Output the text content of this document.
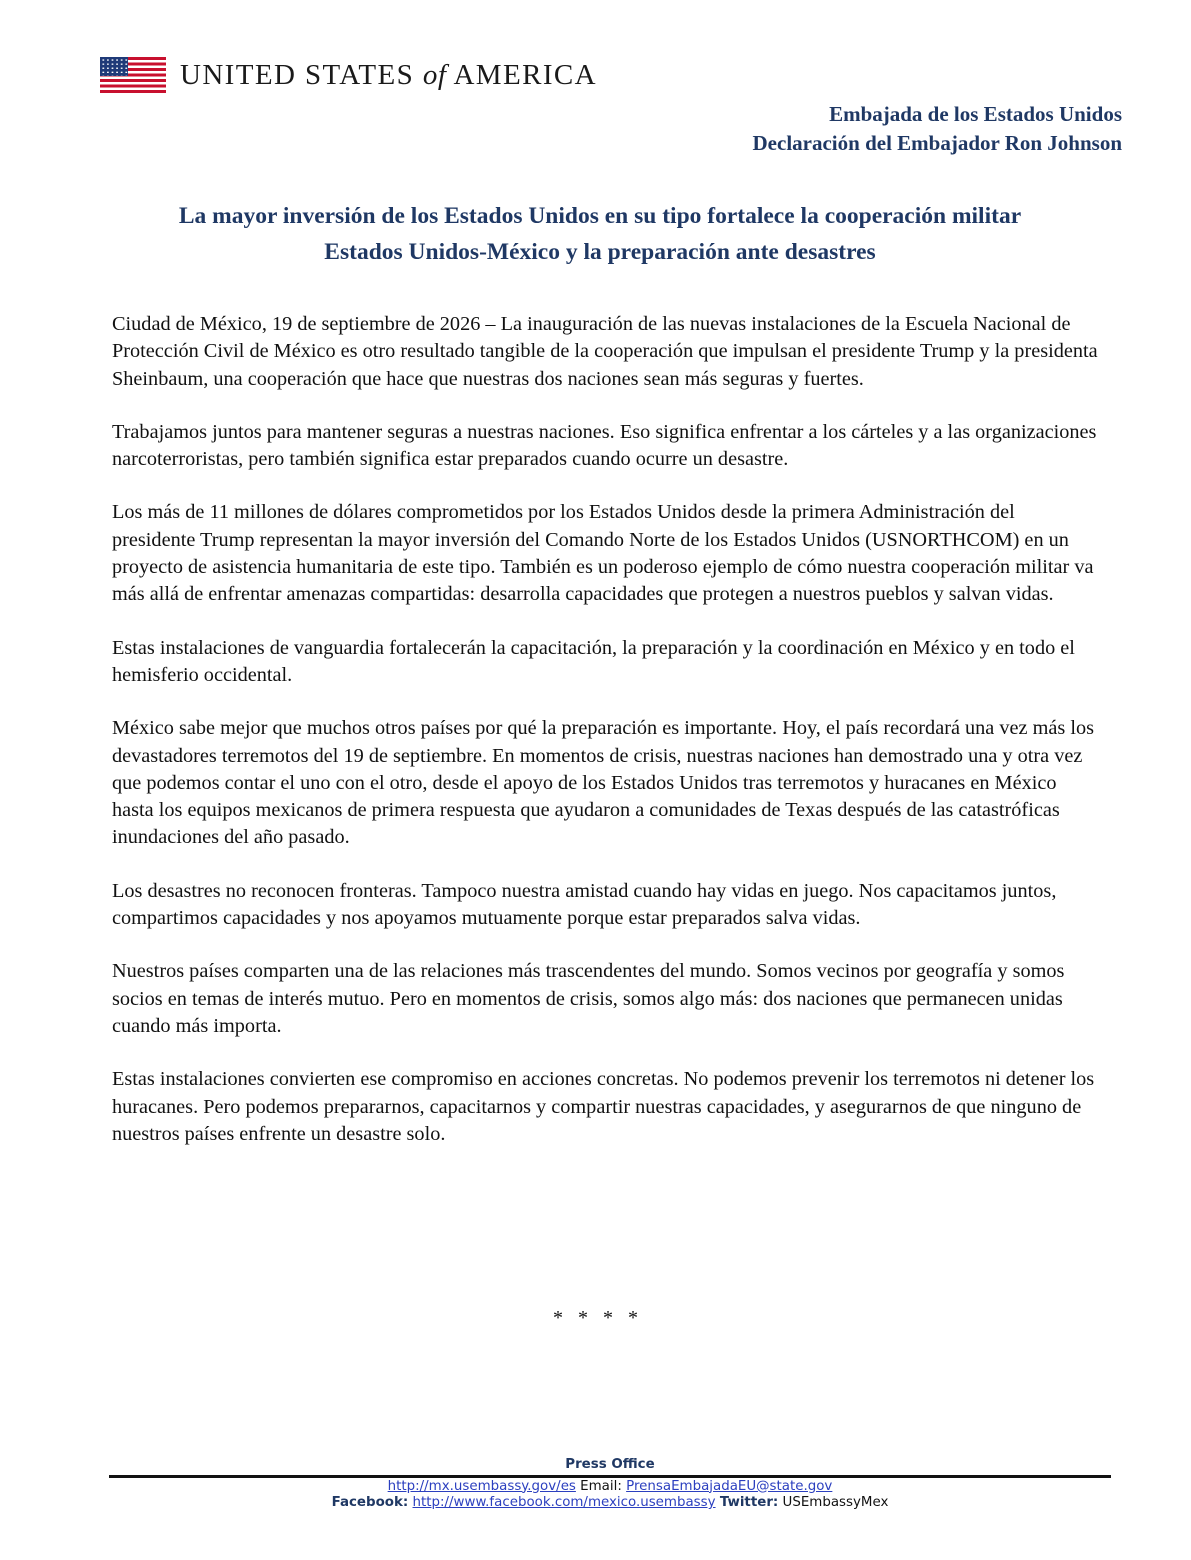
UNITED STATES of AMERICA
Embajada de los Estados Unidos
Declaración del Embajador Ron Johnson
La mayor inversión de los Estados Unidos en su tipo fortalece la cooperación militar
Estados Unidos-México y la preparación ante desastres

Ciudad de México, 19 de septiembre de 2026 – La inauguración de las nuevas instalaciones de la Escuela Nacional de Protección Civil de México es otro resultado tangible de la cooperación que impulsan el presidente Trump y la presidenta Sheinbaum, una cooperación que hace que nuestras dos naciones sean más seguras y fuertes.

Trabajamos juntos para mantener seguras a nuestras naciones. Eso significa enfrentar a los cárteles y a las organizaciones narcoterroristas, pero también significa estar preparados cuando ocurre un desastre.

Los más de 11 millones de dólares comprometidos por los Estados Unidos desde la primera Administración del presidente Trump representan la mayor inversión del Comando Norte de los Estados Unidos (USNORTHCOM) en un proyecto de asistencia humanitaria de este tipo. También es un poderoso ejemplo de cómo nuestra cooperación militar va más allá de enfrentar amenazas compartidas: desarrolla capacidades que protegen a nuestros pueblos y salvan vidas.

Estas instalaciones de vanguardia fortalecerán la capacitación, la preparación y la coordinación en México y en todo el hemisferio occidental.

México sabe mejor que muchos otros países por qué la preparación es importante. Hoy, el país recordará una vez más los devastadores terremotos del 19 de septiembre. En momentos de crisis, nuestras naciones han demostrado una y otra vez que podemos contar el uno con el otro, desde el apoyo de los Estados Unidos tras terremotos y huracanes en México hasta los equipos mexicanos de primera respuesta que ayudaron a comunidades de Texas después de las catastróficas inundaciones del año pasado.

Los desastres no reconocen fronteras. Tampoco nuestra amistad cuando hay vidas en juego. Nos capacitamos juntos, compartimos capacidades y nos apoyamos mutuamente porque estar preparados salva vidas.

Nuestros países comparten una de las relaciones más trascendentes del mundo. Somos vecinos por geografía y somos socios en temas de interés mutuo. Pero en momentos de crisis, somos algo más: dos naciones que permanecen unidas cuando más importa.

Estas instalaciones convierten ese compromiso en acciones concretas. No podemos prevenir los terremotos ni detener los huracanes. Pero podemos prepararnos, capacitarnos y compartir nuestras capacidades, y asegurarnos de que ninguno de nuestros países enfrente un desastre solo.

* * * *
Press Office
http://mx.usembassy.gov/es Email: PrensaEmbajadaEU@state.gov
Facebook: http://www.facebook.com/mexico.usembassy Twitter: USEmbassyMex
